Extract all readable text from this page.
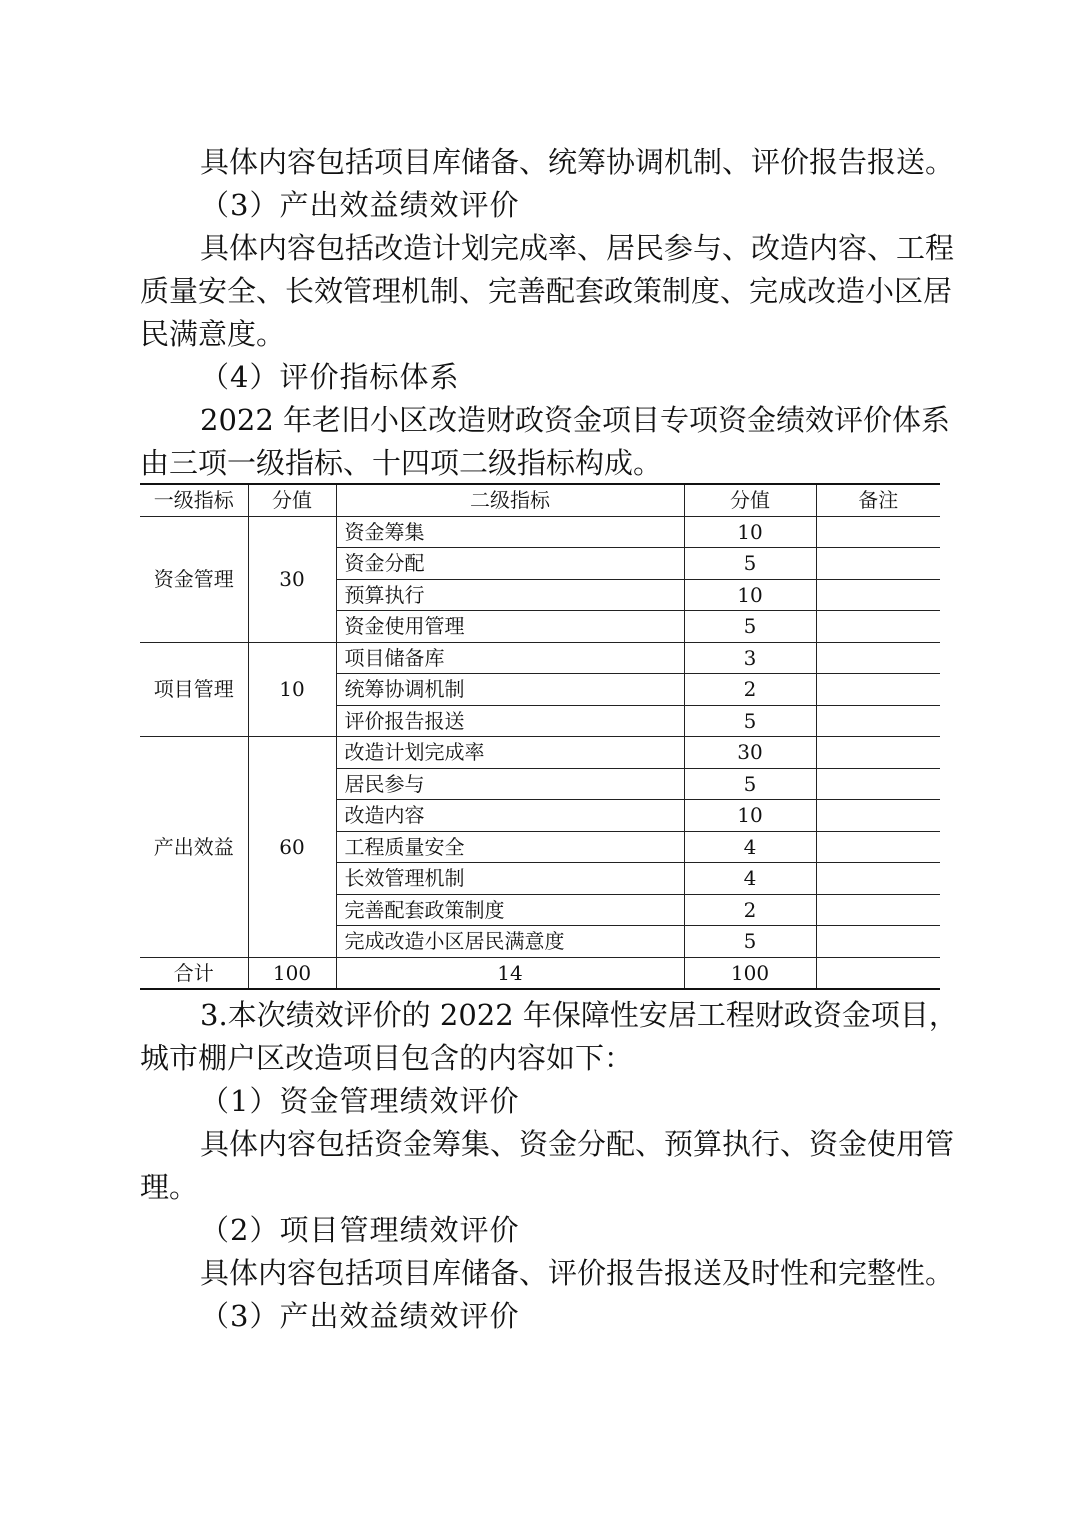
具体内容包括项目库储备、统筹协调机制、评价报告报送。
（3）产出效益绩效评价
具体内容包括改造计划完成率、居民参与、改造内容、工程
质量安全、长效管理机制、完善配套政策制度、完成改造小区居
民满意度。
（4）评价指标体系
2022 年老旧小区改造财政资金项目专项资金绩效评价体系
由三项一级指标、十四项二级指标构成。
一级指标	分值	二级指标	分值	备注
资金管理	30	资金筹集	10	
		资金分配	5	
		预算执行	10	
		资金使用管理	5	
项目管理	10	项目储备库	3	
		统筹协调机制	2	
		评价报告报送	5	
产出效益	60	改造计划完成率	30	
		居民参与	5	
		改造内容	10	
		工程质量安全	4	
		长效管理机制	4	
		完善配套政策制度	2	
		完成改造小区居民满意度	5	
合计	100	14	100	
3.本次绩效评价的 2022 年保障性安居工程财政资金项目，
城市棚户区改造项目包含的内容如下：
（1）资金管理绩效评价
具体内容包括资金筹集、资金分配、预算执行、资金使用管
理。
（2）项目管理绩效评价
具体内容包括项目库储备、评价报告报送及时性和完整性。
（3）产出效益绩效评价
